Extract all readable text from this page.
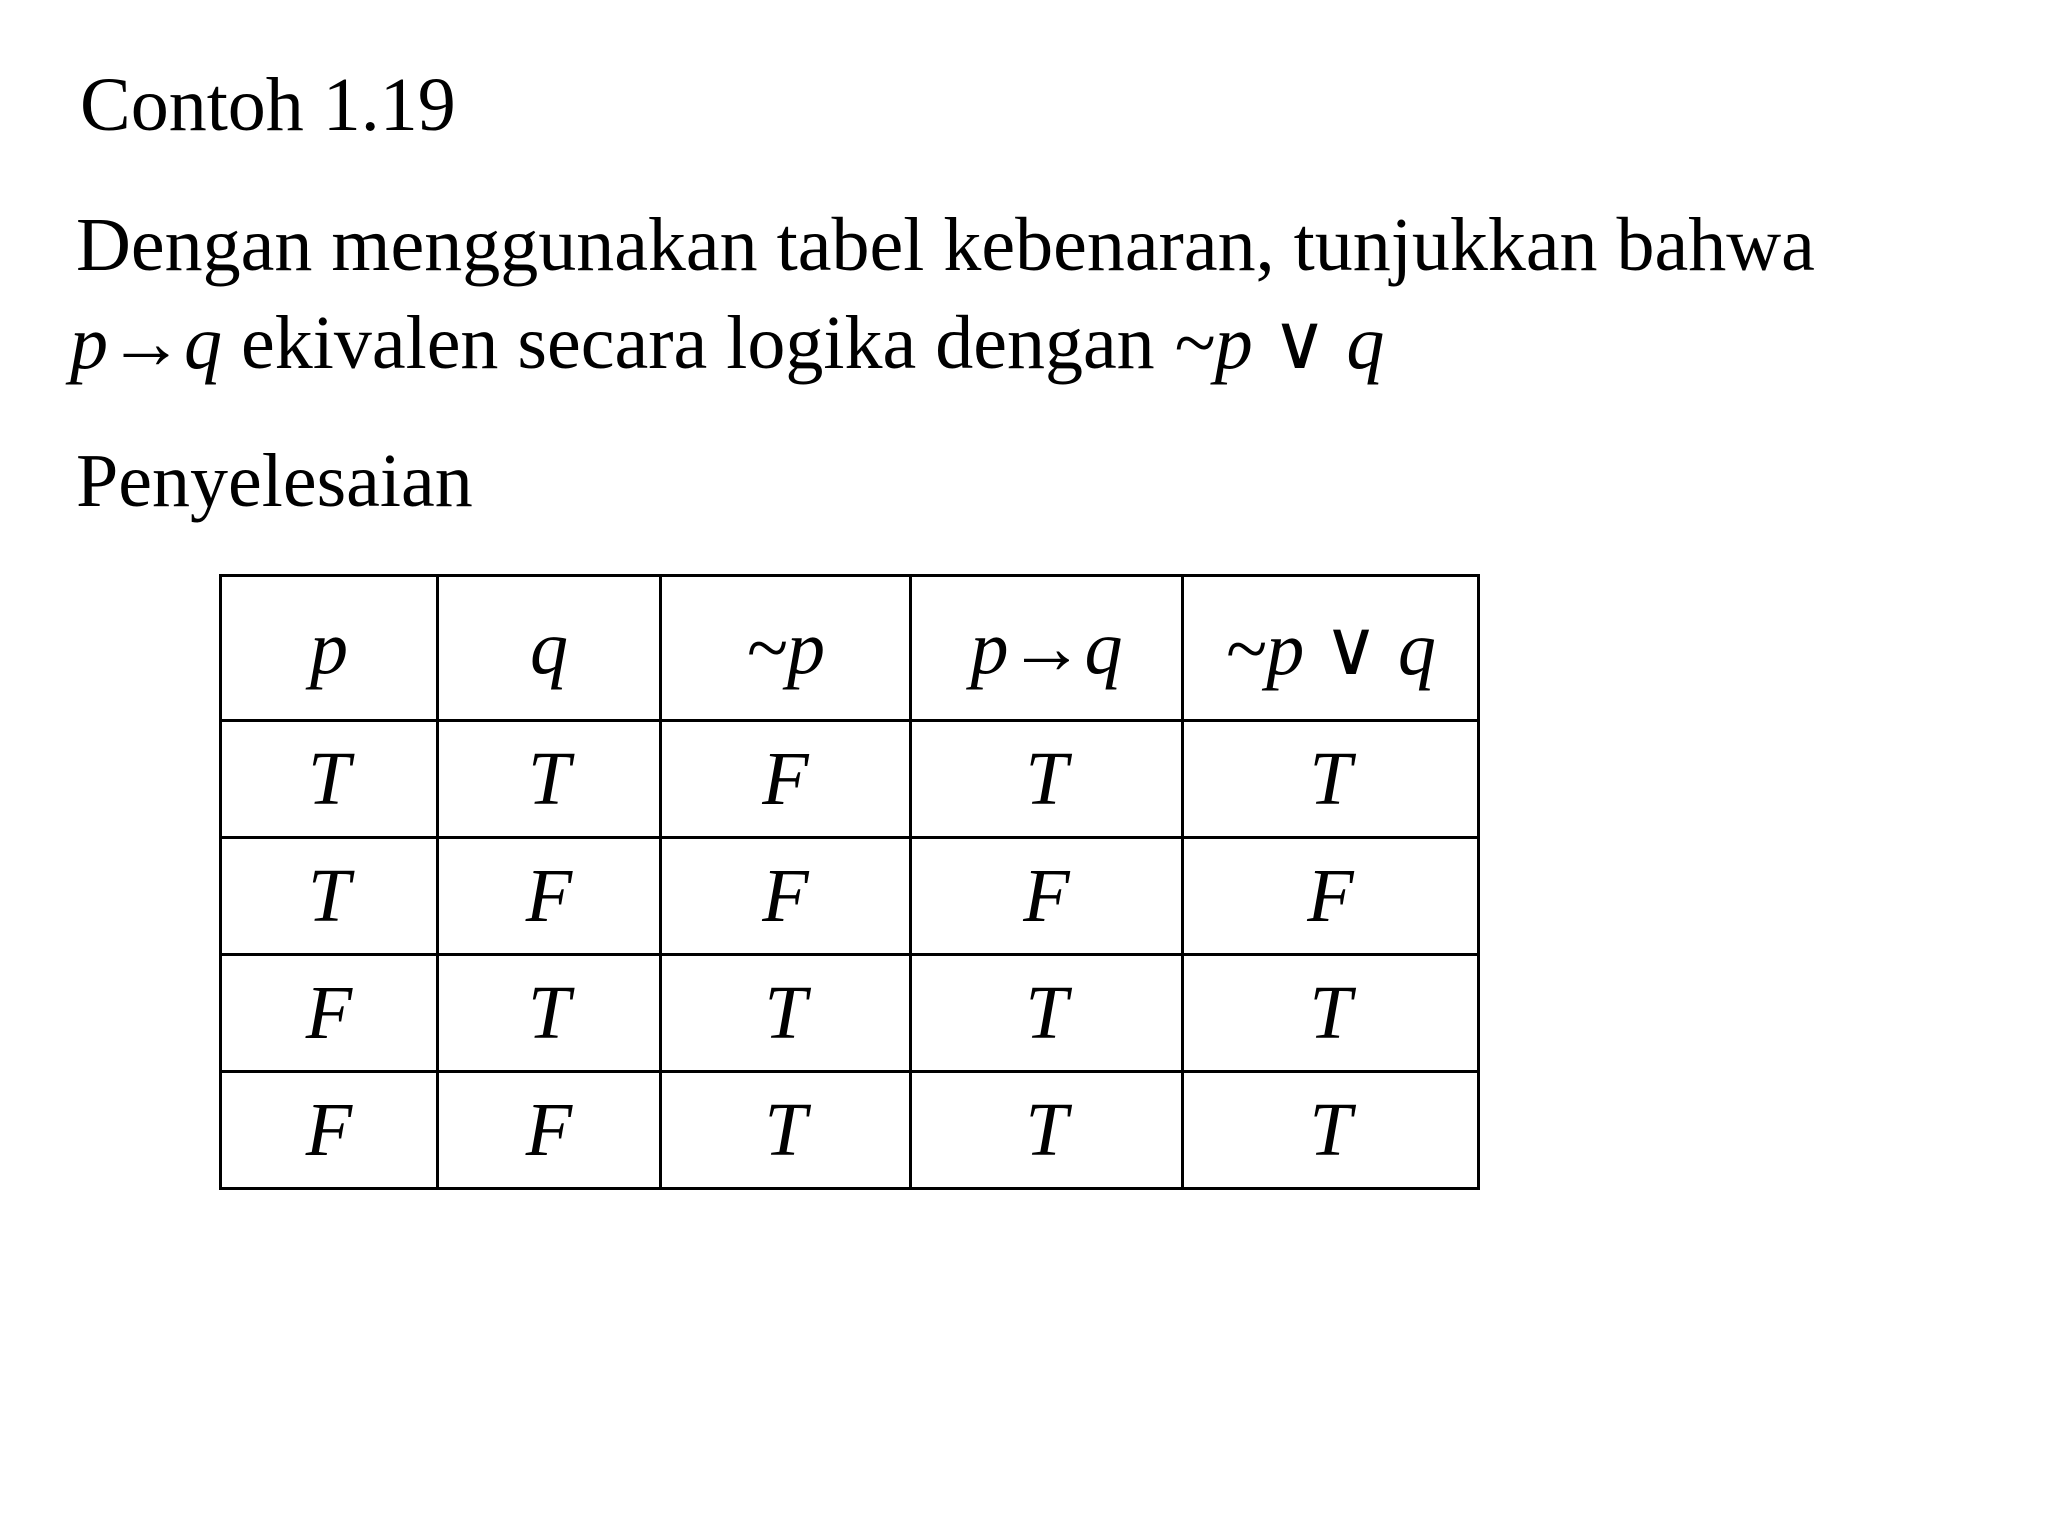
Contoh 1.19
Dengan menggunakan tabel kebenaran, tunjukkan bahwa
p→q ekivalen secara logika dengan ~p ∨ q
Penyelesaian
p	q	~p	p→q	~p ∨ q
T	T	F	T	T
T	F	F	F	F
F	T	T	T	T
F	F	T	T	T
